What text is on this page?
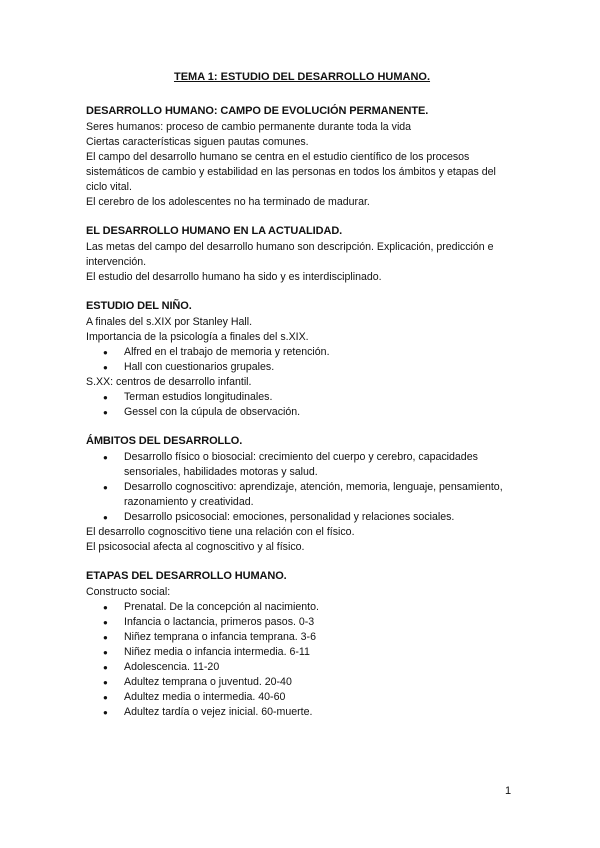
TEMA 1: ESTUDIO DEL DESARROLLO HUMANO.
DESARROLLO HUMANO: CAMPO DE EVOLUCIÓN PERMANENTE.

Seres humanos: proceso de cambio permanente durante toda la vida

Ciertas características siguen pautas comunes.

El campo del desarrollo humano se centra en el estudio científico de los procesos sistemáticos de cambio y estabilidad en las personas en todos los ámbitos y etapas del ciclo vital.

El cerebro de los adolescentes no ha terminado de madurar.

EL DESARROLLO HUMANO EN LA ACTUALIDAD.

Las metas del campo del desarrollo humano son descripción. Explicación, predicción e intervención.

El estudio del desarrollo humano ha sido y es interdisciplinado.

ESTUDIO DEL NIÑO.

A finales del s.XIX por Stanley Hall.

Importancia de la psicología a finales del s.XIX.

● Alfred en el trabajo de memoria y retención.
● Hall con cuestionarios grupales.

S.XX: centros de desarrollo infantil.

● Terman estudios longitudinales.
● Gessel con la cúpula de observación.
ÁMBITOS DEL DESARROLLO.
● Desarrollo físico o biosocial: crecimiento del cuerpo y cerebro, capacidades sensoriales, habilidades motoras y salud.
● Desarrollo cognoscitivo: aprendizaje, atención, memoria, lenguaje, pensamiento, razonamiento y creatividad.
● Desarrollo psicosocial: emociones, personalidad y relaciones sociales.

El desarrollo cognoscitivo tiene una relación con el físico.

El psicosocial afecta al cognoscitivo y al físico.

ETAPAS DEL DESARROLLO HUMANO.

Constructo social:

● Prenatal. De la concepción al nacimiento.
● Infancia o lactancia, primeros pasos. 0-3
● Niñez temprana o infancia temprana. 3-6
● Niñez media o infancia intermedia. 6-11
● Adolescencia. 11-20
● Adultez temprana o juventud. 20-40
● Adultez media o intermedia. 40-60
● Adultez tardía o vejez inicial. 60-muerte.
1
